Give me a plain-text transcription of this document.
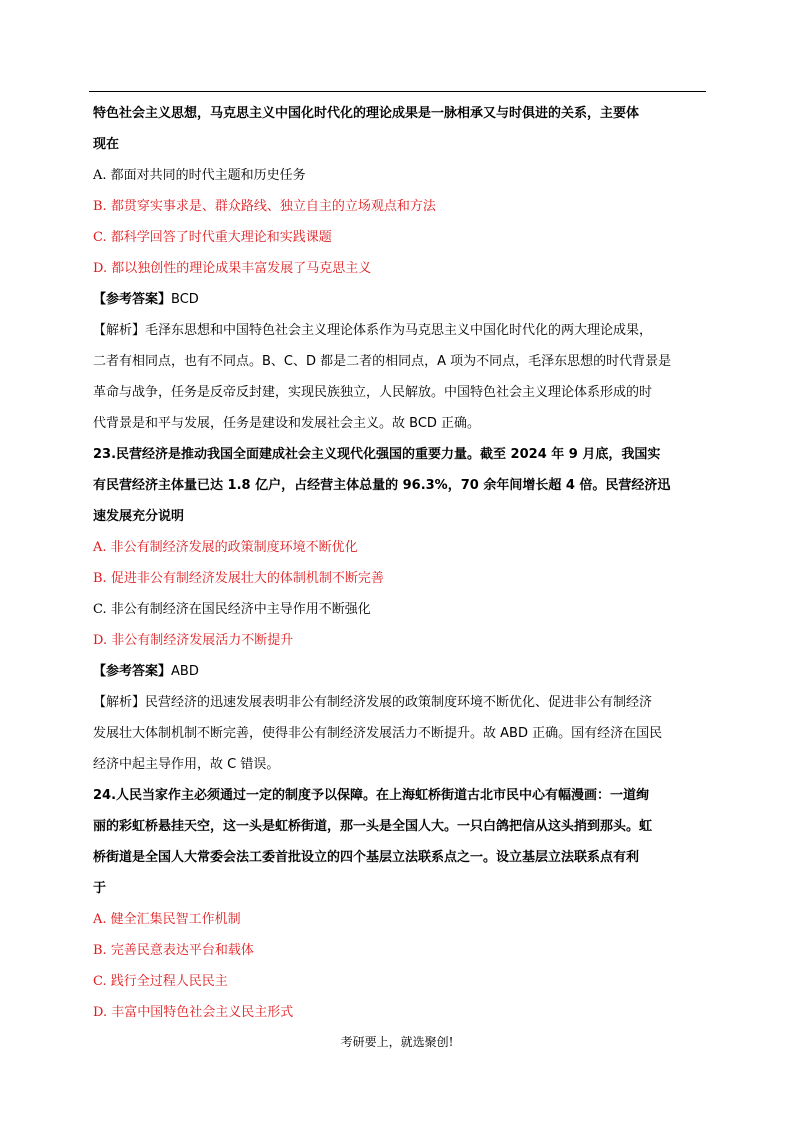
特色社会主义思想，马克思主义中国化时代化的理论成果是一脉相承又与时俱进的关系，主要体
现在
A. 都面对共同的时代主题和历史任务
B. 都贯穿实事求是、群众路线、独立自主的立场观点和方法
C. 都科学回答了时代重大理论和实践课题
D. 都以独创性的理论成果丰富发展了马克思主义
【参考答案】BCD
【解析】毛泽东思想和中国特色社会主义理论体系作为马克思主义中国化时代化的两大理论成果，
二者有相同点，也有不同点。B、C、D 都是二者的相同点，A 项为不同点，毛泽东思想的时代背景是
革命与战争，任务是反帝反封建，实现民族独立，人民解放。中国特色社会主义理论体系形成的时
代背景是和平与发展，任务是建设和发展社会主义。故 BCD 正确。
23.民营经济是推动我国全面建成社会主义现代化强国的重要力量。截至 2024 年 9 月底，我国实
有民营经济主体量已达 1.8 亿户，占经营主体总量的 96.3%，70 余年间增长超 4 倍。民营经济迅
速发展充分说明
A. 非公有制经济发展的政策制度环境不断优化
B. 促进非公有制经济发展壮大的体制机制不断完善
C. 非公有制经济在国民经济中主导作用不断强化
D. 非公有制经济发展活力不断提升
【参考答案】ABD
【解析】民营经济的迅速发展表明非公有制经济发展的政策制度环境不断优化、促进非公有制经济
发展壮大体制机制不断完善，使得非公有制经济发展活力不断提升。故 ABD 正确。国有经济在国民
经济中起主导作用，故 C 错误。
24.人民当家作主必须通过一定的制度予以保障。在上海虹桥街道古北市民中心有幅漫画：一道绚
丽的彩虹桥悬挂天空，这一头是虹桥街道，那一头是全国人大。一只白鸽把信从这头捎到那头。虹
桥街道是全国人大常委会法工委首批设立的四个基层立法联系点之一。设立基层立法联系点有利
于
A. 健全汇集民智工作机制
B. 完善民意表达平台和载体
C. 践行全过程人民民主
D. 丰富中国特色社会主义民主形式
考研要上，就选聚创!
